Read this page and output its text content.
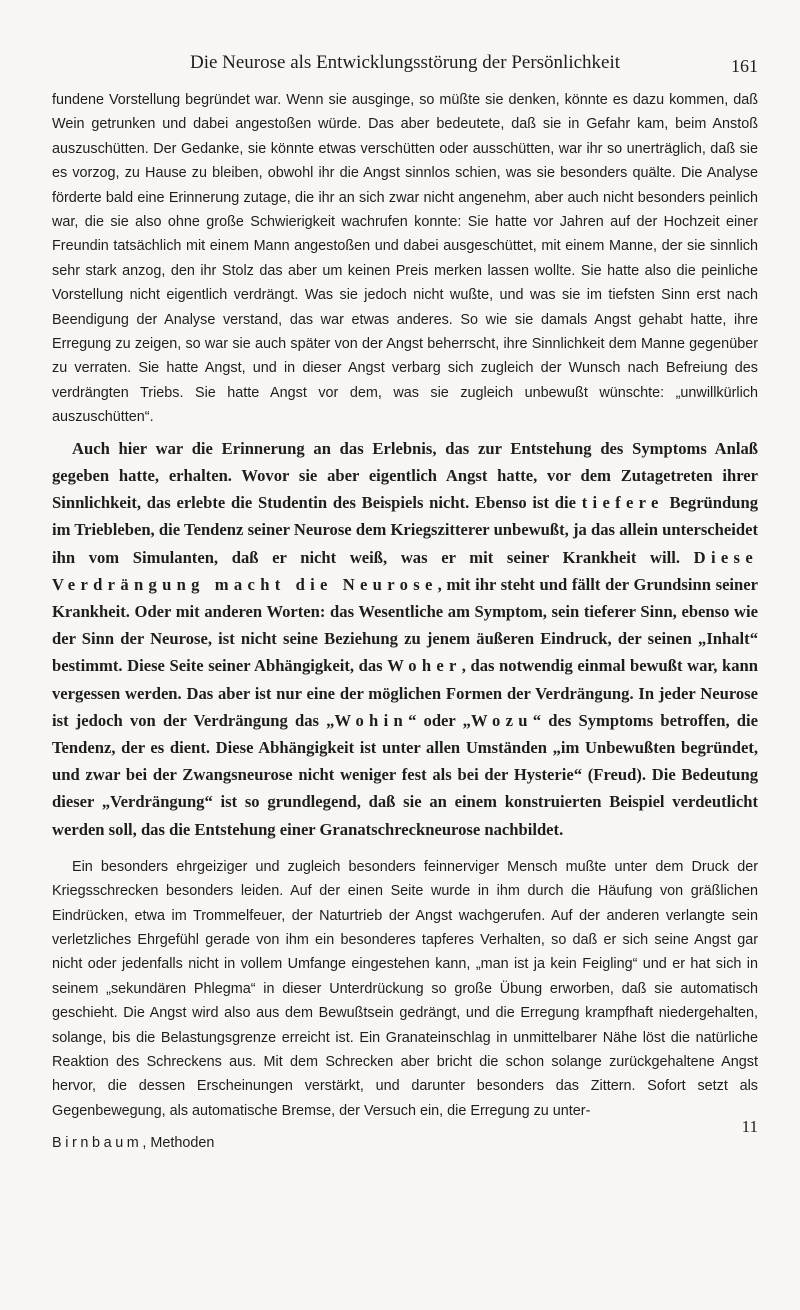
Die Neurose als Entwicklungsstörung der Persönlichkeit	161

fundene Vorstellung begründet war. Wenn sie ausginge, so müßte sie denken, könnte es dazu kommen, daß Wein getrunken und dabei angestoßen würde. Das aber bedeutete, daß sie in Gefahr kam, beim Anstoß auszuschütten. Der Gedanke, sie könnte etwas verschütten oder ausschütten, war ihr so unerträglich, daß sie es vorzog, zu Hause zu bleiben, obwohl ihr die Angst sinnlos schien, was sie besonders quälte. Die Analyse förderte bald eine Erinnerung zutage, die ihr an sich zwar nicht angenehm, aber auch nicht besonders peinlich war, die sie also ohne große Schwierigkeit wachrufen konnte: Sie hatte vor Jahren auf der Hochzeit einer Freundin tatsächlich mit einem Mann angestoßen und dabei ausgeschüttet, mit einem Manne, der sie sinnlich sehr stark anzog, den ihr Stolz das aber um keinen Preis merken lassen wollte. Sie hatte also die peinliche Vorstellung nicht eigentlich verdrängt. Was sie jedoch nicht wußte, und was sie im tiefsten Sinn erst nach Beendigung der Analyse verstand, das war etwas anderes. So wie sie damals Angst gehabt hatte, ihre Erregung zu zeigen, so war sie auch später von der Angst beherrscht, ihre Sinnlichkeit dem Manne gegenüber zu verraten. Sie hatte Angst, und in dieser Angst verbarg sich zugleich der Wunsch nach Befreiung des verdrängten Triebs. Sie hatte Angst vor dem, was sie zugleich unbewußt wünschte: „unwillkürlich auszuschütten“.

Auch hier war die Erinnerung an das Erlebnis, das zur Entstehung des Symptoms Anlaß gegeben hatte, erhalten. Wovor sie aber eigentlich Angst hatte, vor dem Zutagetreten ihrer Sinnlichkeit, das erlebte die Studentin des Beispiels nicht. Ebenso ist die tiefere Begründung im Triebleben, die Tendenz seiner Neurose dem Kriegszitterer unbewußt, ja das allein unterscheidet ihn vom Simulanten, daß er nicht weiß, was er mit seiner Krankheit will. Diese Verdrängung macht die Neurose, mit ihr steht und fällt der Grundsinn seiner Krankheit. Oder mit anderen Worten: das Wesentliche am Symptom, sein tieferer Sinn, ebenso wie der Sinn der Neurose, ist nicht seine Beziehung zu jenem äußeren Eindruck, der seinen „Inhalt“ bestimmt. Diese Seite seiner Abhängigkeit, das Woher, das notwendig einmal bewußt war, kann vergessen werden. Das aber ist nur eine der möglichen Formen der Verdrängung. In jeder Neurose ist jedoch von der Verdrängung das „Wohin“ oder „Wozu“ des Symptoms betroffen, die Tendenz, der es dient. Diese Abhängigkeit ist unter allen Umständen „im Unbewußten begründet, und zwar bei der Zwangsneurose nicht weniger fest als bei der Hysterie“ (Freud). Die Bedeutung dieser „Verdrängung“ ist so grundlegend, daß sie an einem konstruierten Beispiel verdeutlicht werden soll, das die Entstehung einer Granatschreckneurose nachbildet.

Ein besonders ehrgeiziger und zugleich besonders feinnerviger Mensch mußte unter dem Druck der Kriegsschrecken besonders leiden. Auf der einen Seite wurde in ihm durch die Häufung von gräßlichen Eindrücken, etwa im Trommelfeuer, der Naturtrieb der Angst wachgerufen. Auf der anderen verlangte sein verletzliches Ehrgefühl gerade von ihm ein besonderes tapferes Verhalten, so daß er sich seine Angst gar nicht oder jedenfalls nicht in vollem Umfange eingestehen kann, „man ist ja kein Feigling“ und er hat sich in seinem „sekundären Phlegma“ in dieser Unterdrückung so große Übung erworben, daß sie automatisch geschieht. Die Angst wird also aus dem Bewußtsein gedrängt, und die Erregung krampfhaft niedergehalten, solange, bis die Belastungsgrenze erreicht ist. Ein Granateinschlag in unmittelbarer Nähe löst die natürliche Reaktion des Schreckens aus. Mit dem Schrecken aber bricht die schon solange zurückgehaltene Angst hervor, die dessen Erscheinungen verstärkt, und darunter besonders das Zittern. Sofort setzt als Gegenbewegung, als automatische Bremse, der Versuch ein, die Erregung zu unter-

11
Birnbaum, Methoden
